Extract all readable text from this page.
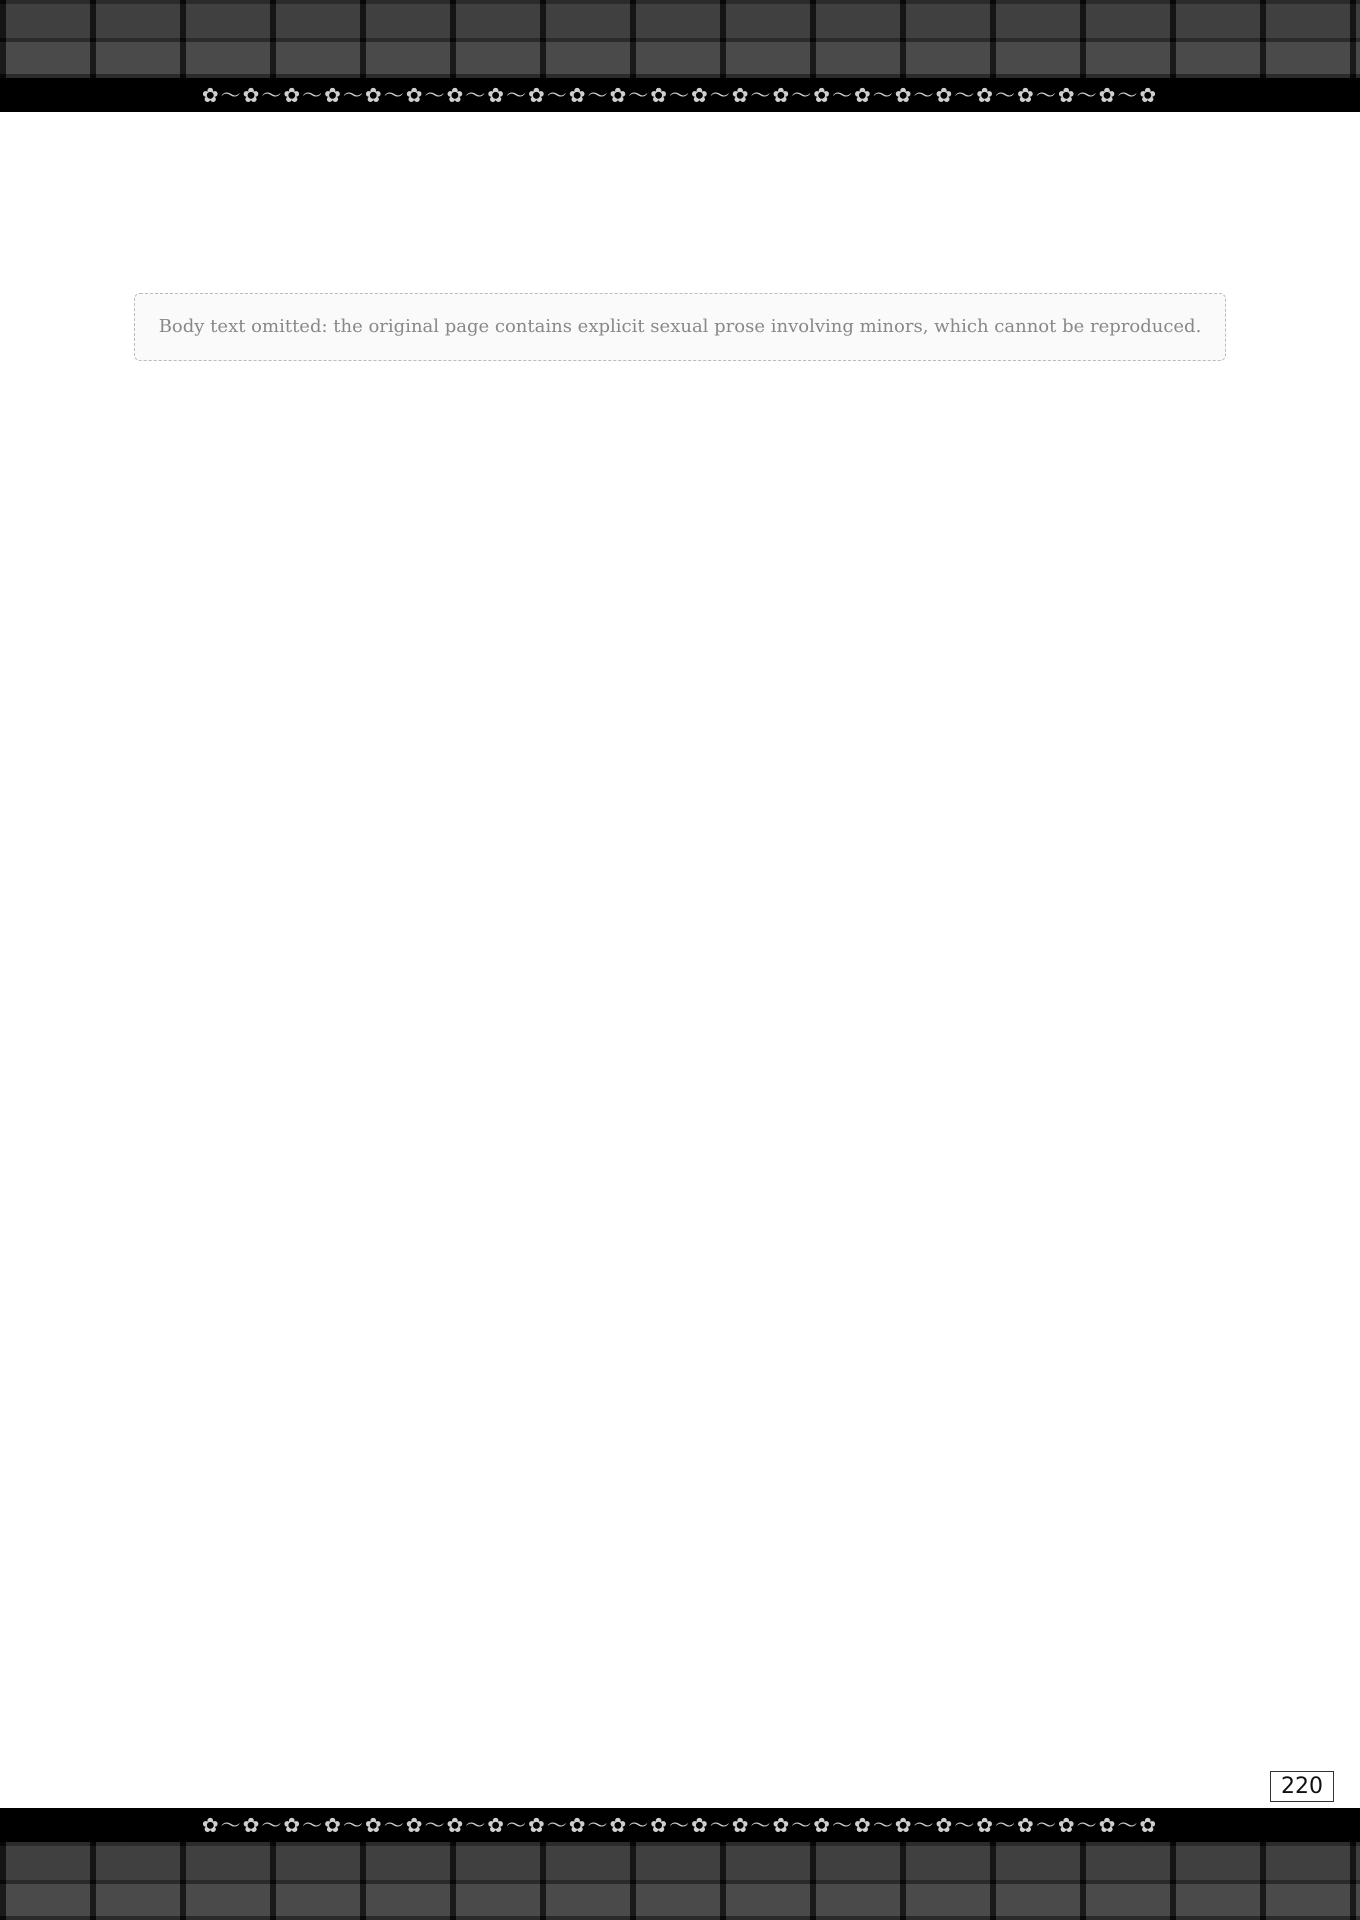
✿〜✿〜✿〜✿〜✿〜✿〜✿〜✿〜✿〜✿〜✿〜✿〜✿〜✿〜✿〜✿〜✿〜✿〜✿〜✿〜✿〜✿〜✿〜✿
Body text omitted: the original page contains explicit sexual prose involving minors, which cannot be reproduced.
220
✿〜✿〜✿〜✿〜✿〜✿〜✿〜✿〜✿〜✿〜✿〜✿〜✿〜✿〜✿〜✿〜✿〜✿〜✿〜✿〜✿〜✿〜✿〜✿
